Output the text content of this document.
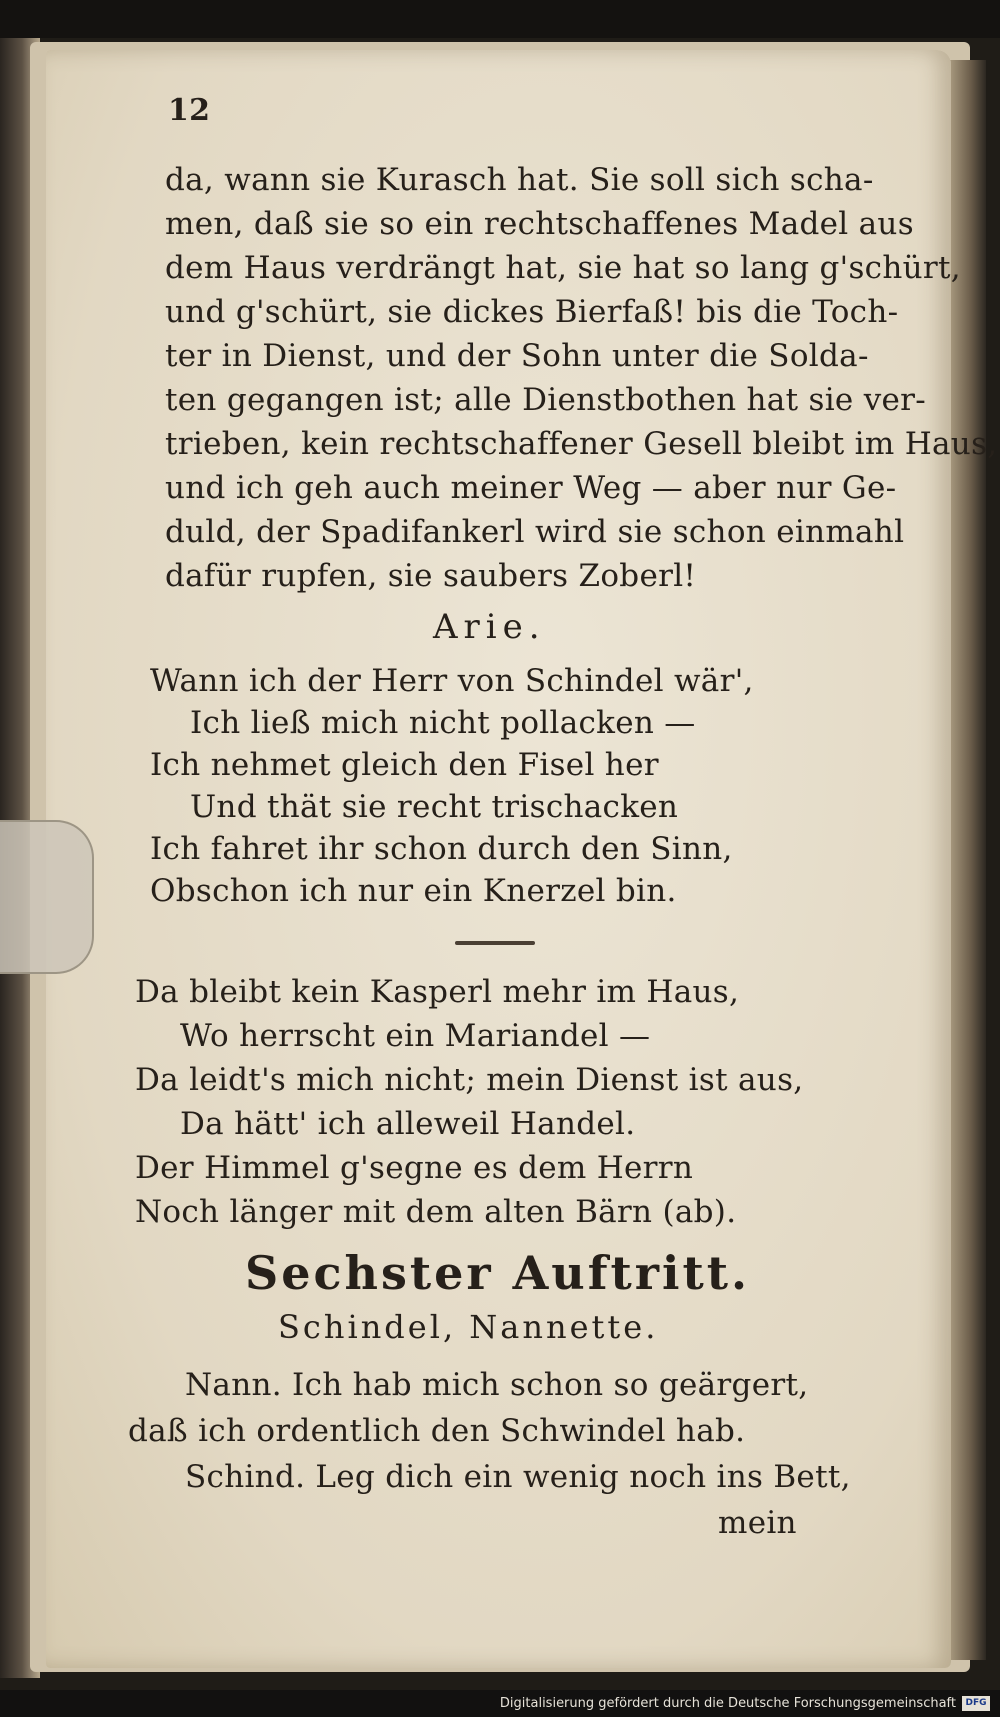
12
da, wann sie Kurasch hat. Sie soll sich scha-
men, daß sie so ein rechtschaffenes Madel aus
dem Haus verdrängt hat, sie hat so lang g'schürt,
und g'schürt, sie dickes Bierfaß! bis die Toch-
ter in Dienst, und der Sohn unter die Solda-
ten gegangen ist; alle Dienstbothen hat sie ver-
trieben, kein rechtschaffener Gesell bleibt im Haus,
und ich geh auch meiner Weg — aber nur Ge-
duld, der Spadifankerl wird sie schon einmahl
dafür rupfen, sie saubers Zoberl!
Arie.
Wann ich der Herr von Schindel wär',
Ich ließ mich nicht pollacken —
Ich nehmet gleich den Fisel her
Und thät sie recht trischacken
Ich fahret ihr schon durch den Sinn,
Obschon ich nur ein Knerzel bin.
Da bleibt kein Kasperl mehr im Haus,
Wo herrscht ein Mariandel —
Da leidt's mich nicht; mein Dienst ist aus,
Da hätt' ich alleweil Handel.
Der Himmel g'segne es dem Herrn
Noch länger mit dem alten Bärn (ab).
Sechster Auftritt.
Schindel, Nannette.
Nann. Ich hab mich schon so geärgert,
daß ich ordentlich den Schwindel hab.
Schind. Leg dich ein wenig noch ins Bett,
mein
Digitalisierung gefördert durch die Deutsche Forschungsgemeinschaft	DFG
